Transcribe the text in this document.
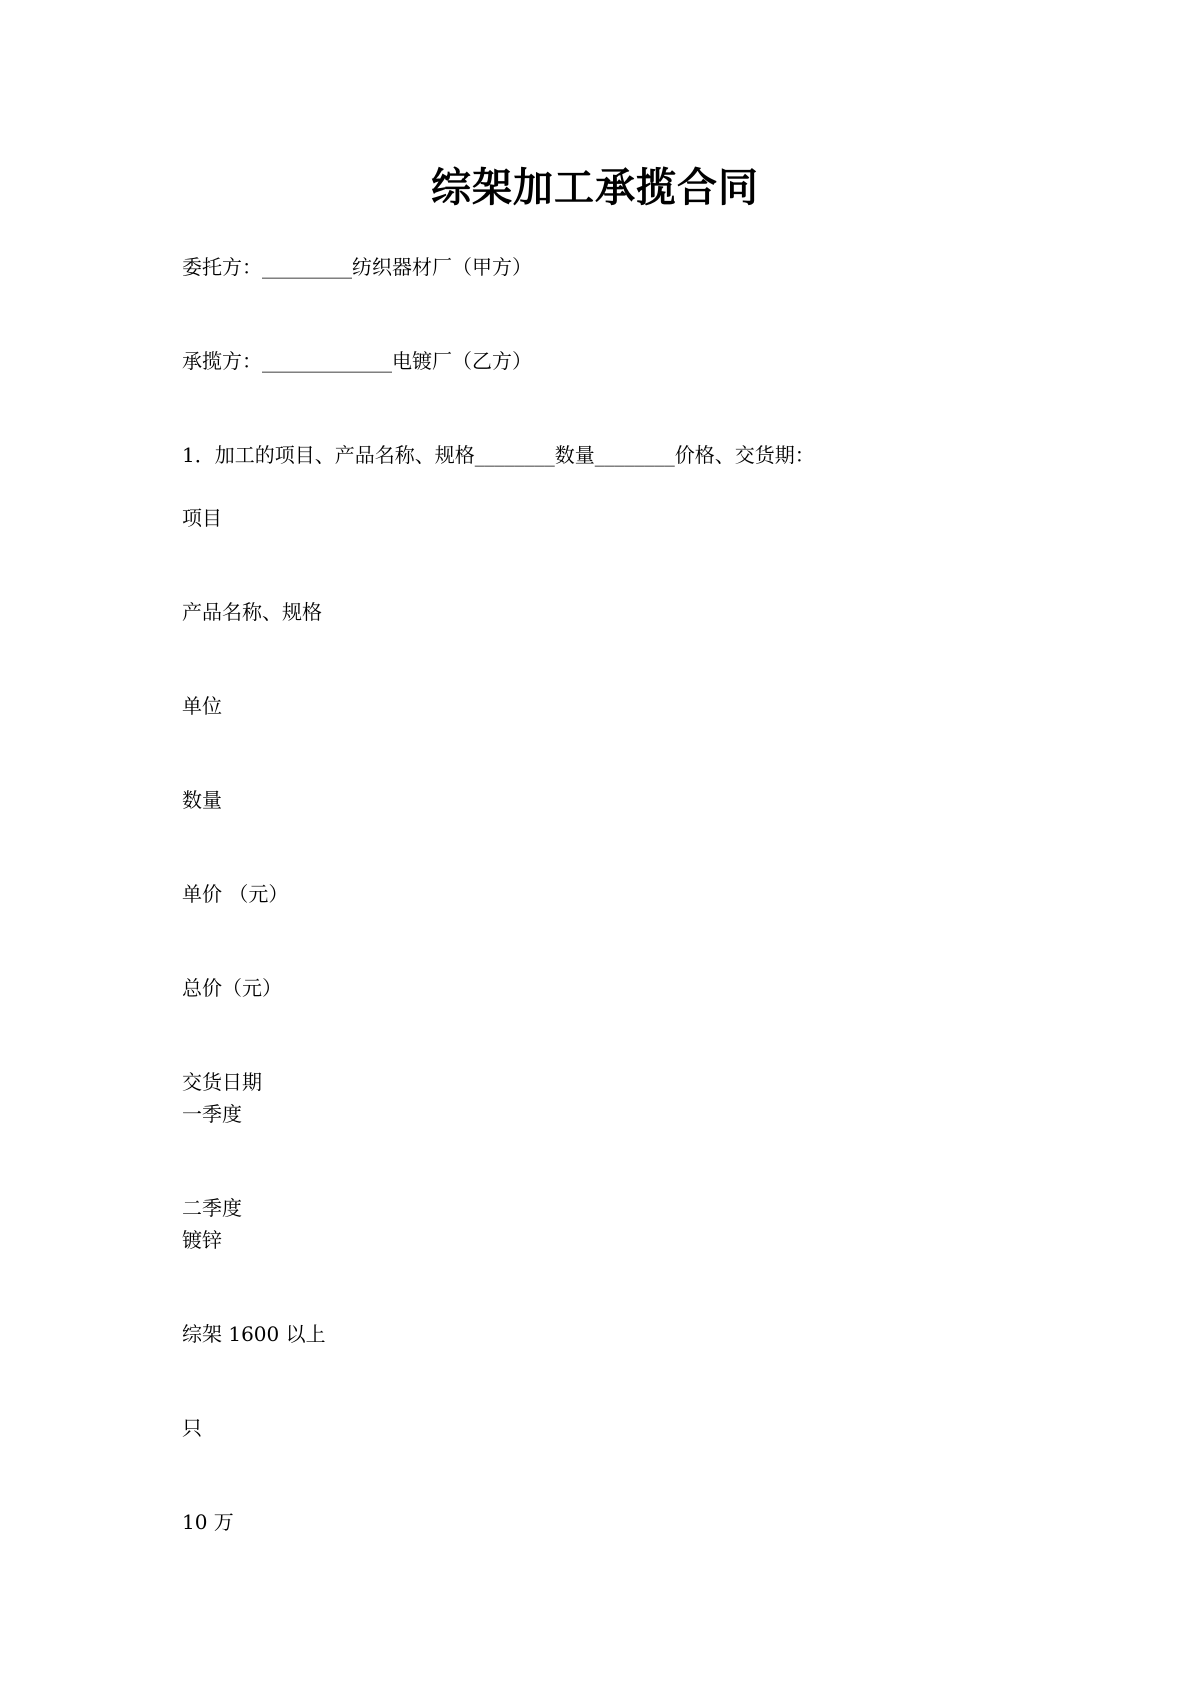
综架加工承揽合同
委托方：_________纺织器材厂（甲方）
承揽方：_____________电镀厂（乙方）
1．加工的项目、产品名称、规格________数量________价格、交货期：
项目
产品名称、规格
单位
数量
单价 （元）
总价（元）
交货日期
一季度
二季度
镀锌
综架 1600 以上
只
10 万
